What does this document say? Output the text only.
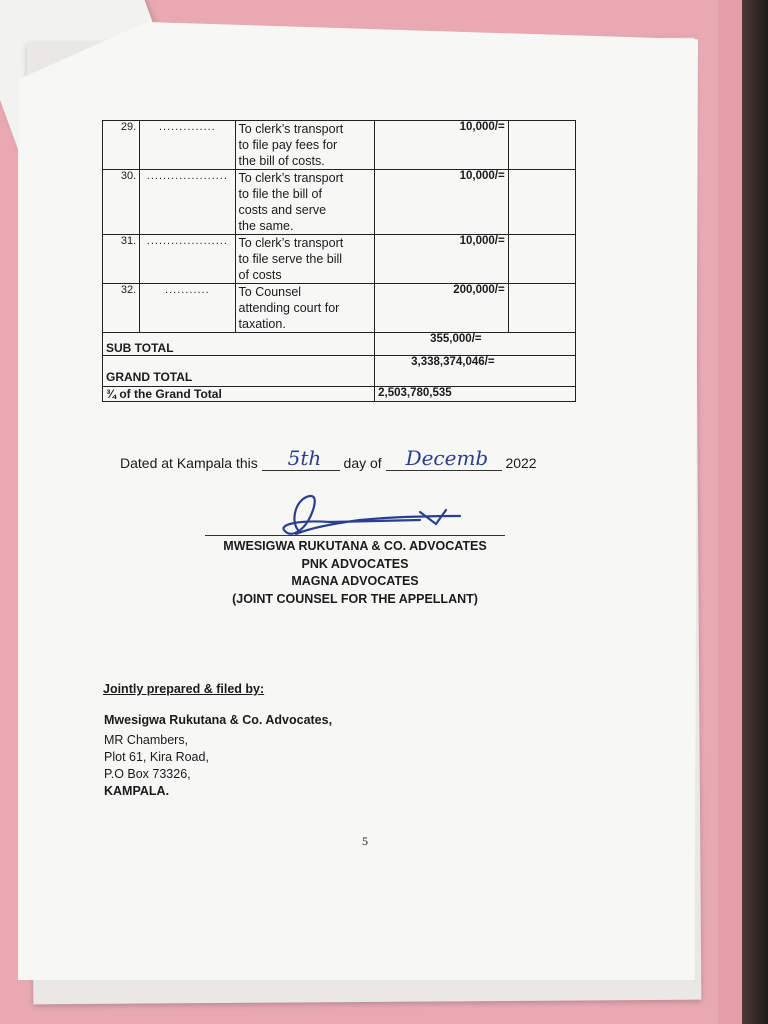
29.	..............	To clerk’s transport
to file pay fees for
the bill of costs.	10,000/=	
30.	....................	To clerk’s transport
to file the bill of
costs and serve
the same.	10,000/=	
31.	....................	To clerk’s transport
to file serve the bill
of costs	10,000/=	
32.	...........	To Counsel
attending court for
taxation.	200,000/=	
SUB TOTAL			355,000/=	
GRAND TOTAL			3,338,374,046/=	
¾ of the Grand Total			2,503,780,535	
Dated at Kampala this 5th day of Decemb 2022
MWESIGWA RUKUTANA & CO. ADVOCATES
PNK ADVOCATES
MAGNA ADVOCATES
(JOINT COUNSEL FOR THE APPELLANT)
Jointly prepared & filed by:
Mwesigwa Rukutana & Co. Advocates,
MR Chambers,
Plot 61, Kira Road,
P.O Box 73326,
KAMPALA.
5
